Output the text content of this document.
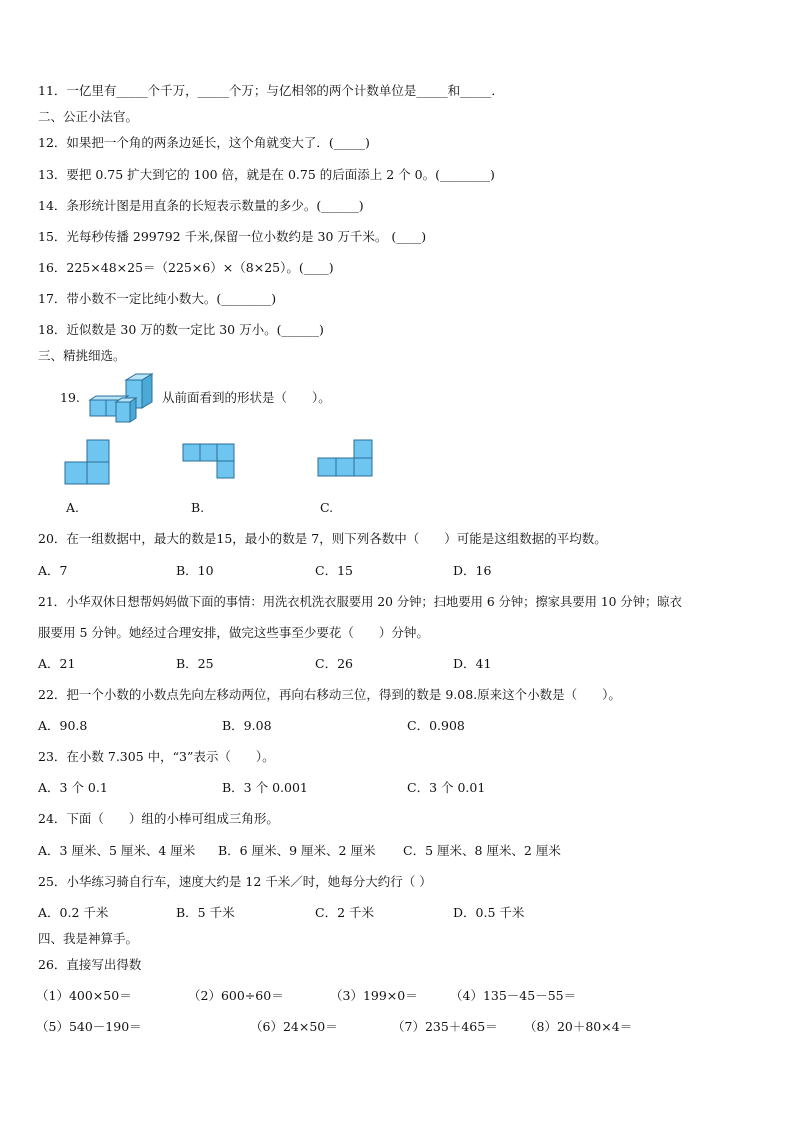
11．一亿里有_____个千万，_____个万；与亿相邻的两个计数单位是_____和_____．
二、公正小法官。
12．如果把一个角的两条边延长，这个角就变大了．(_____)
13．要把 0.75 扩大到它的 100 倍，就是在 0.75 的后面添上 2 个 0。(________)
14．条形统计图是用直条的长短表示数量的多少。(______)
15．光每秒传播 299792 千米,保留一位小数约是 30 万千米。 (____)
16．225×48×25＝（225×6）×（8×25）。(____)
17．带小数不一定比纯小数大。(________)
18．近似数是 30 万的数一定比 30 万小。(______)
三、精挑细选。
19.	从前面看到的形状是（　　）。
A.	B.	C.
20．在一组数据中，最大的数是15，最小的数是 7，则下列各数中（　　）可能是这组数据的平均数。
A．7	B．10	C．15	D．16
21．小华双休日想帮妈妈做下面的事情：用洗衣机洗衣服要用 20 分钟；扫地要用 6 分钟；擦家具要用 10 分钟；晾衣
服要用 5 分钟。她经过合理安排，做完这些事至少要花（　　）分钟。
A．21	B．25	C．26	D．41
22．把一个小数的小数点先向左移动两位，再向右移动三位，得到的数是 9.08.原来这个小数是（　　）。
A．90.8	B．9.08	C．0.908
23．在小数 7.305 中，“3”表示（　　）。
A．3 个 0.1	B．3 个 0.001	C．3 个 0.01
24．下面（　　）组的小棒可组成三角形。
A．3 厘米、5 厘米、4 厘米 B．6 厘米、9 厘米、2 厘米 C．5 厘米、8 厘米、2 厘米
25．小华练习骑自行车，速度大约是 12 千米／时，她每分大约行（ ）
A．0.2 千米	B．5 千米	C．2 千米	D．0.5 千米
四、我是神算手。
26．直接写出得数
（1）400×50＝	（2）600÷60＝	（3）199×0＝	（4）135－45－55＝
（5）540－190＝	（6）24×50＝	（7）235＋465＝ （8）20＋80×4＝
